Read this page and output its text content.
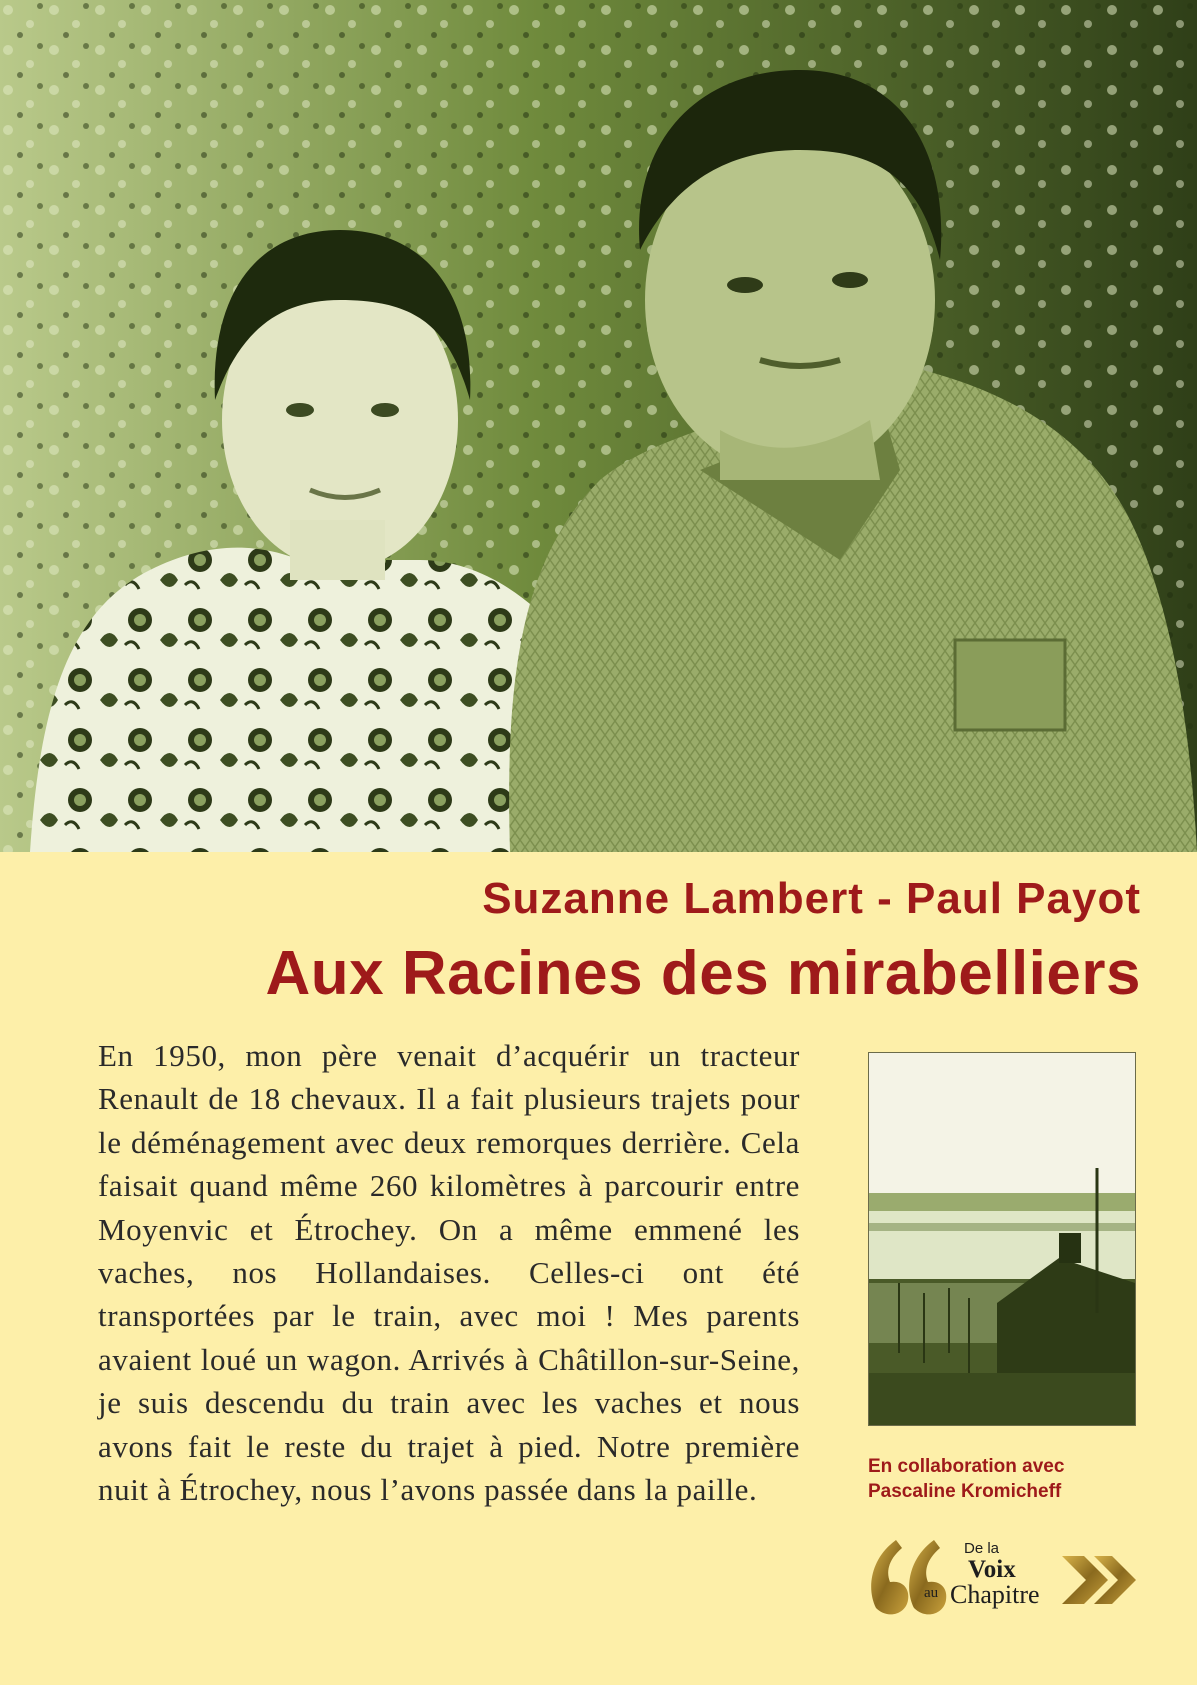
Suzanne Lambert - Paul Payot
Aux Racines des mirabelliers

En 1950, mon père venait d’acquérir un tracteur Renault de 18 chevaux. Il a fait plusieurs trajets pour le déménagement avec deux remorques derrière. Cela faisait quand même 260 kilomètres à parcourir entre Moyenvic et Étrochey. On a même emmené les vaches, nos Hollandaises. Celles-ci ont été transportées par le train, avec moi ! Mes parents avaient loué un wagon. Arrivés à Châtillon-sur-Seine, je suis descendu du train avec les vaches et nous avons fait le reste du trajet à pied. Notre première nuit à Étrochey, nous l’avons passée dans la paille.

En collaboration avec
Pascaline Kromicheff
De la
Voix
au Chapitre
